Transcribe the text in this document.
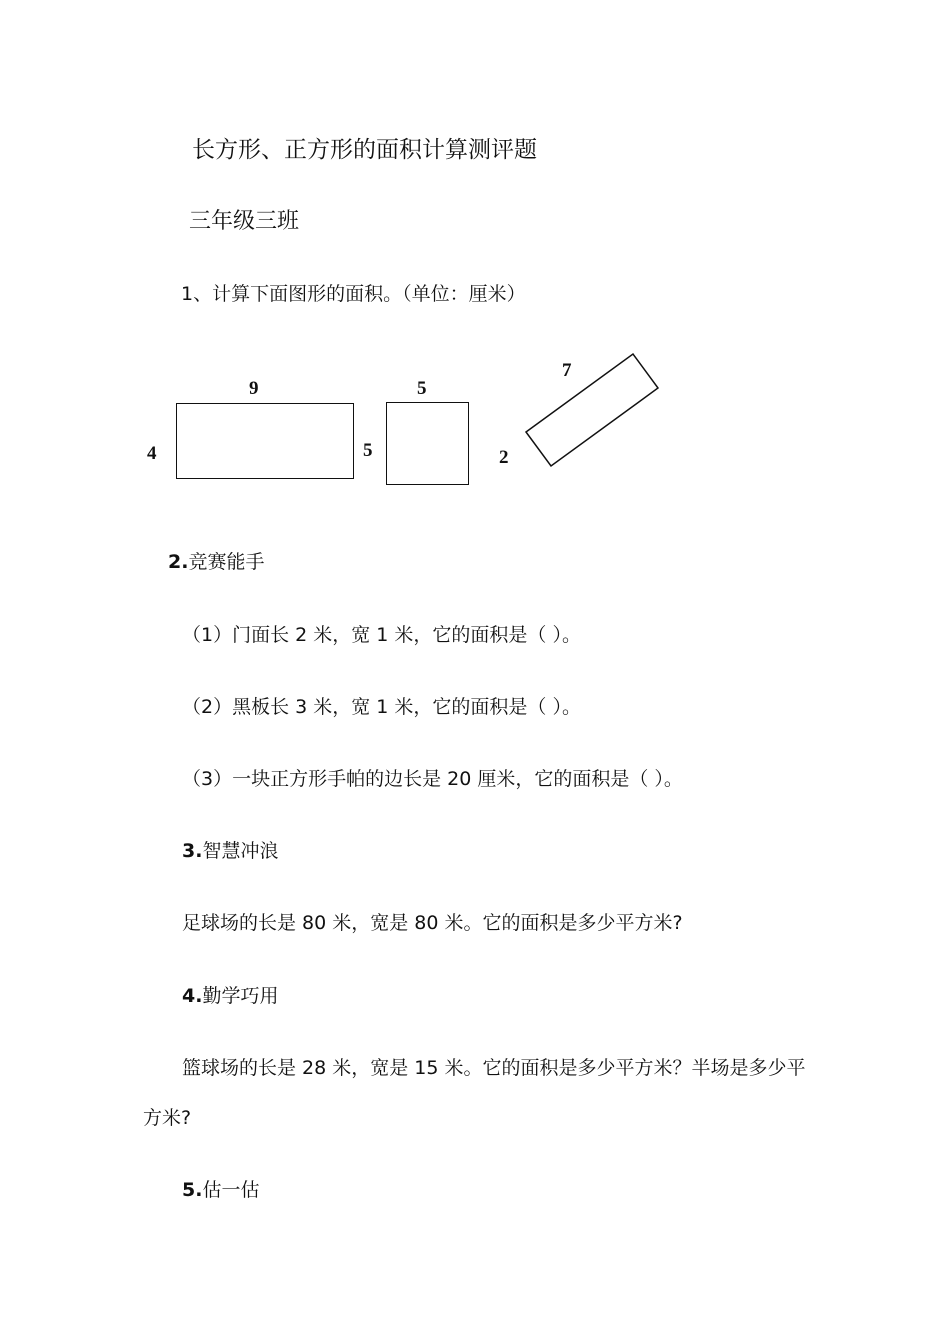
长方形、正方形的面积计算测评题
三年级三班
1、计算下面图形的面积。（单位：厘米）
9
4
5
5
7
2
2.竞赛能手
（1）门面长 2 米，宽 1 米，它的面积是（ ）。
（2）黑板长 3 米，宽 1 米，它的面积是（ ）。
（3）一块正方形手帕的边长是 20 厘米，它的面积是（ ）。
3.智慧冲浪
足球场的长是 80 米，宽是 80 米。它的面积是多少平方米?
4.勤学巧用
篮球场的长是 28 米，宽是 15 米。它的面积是多少平方米？半场是多少平
方米?
5.估一估
